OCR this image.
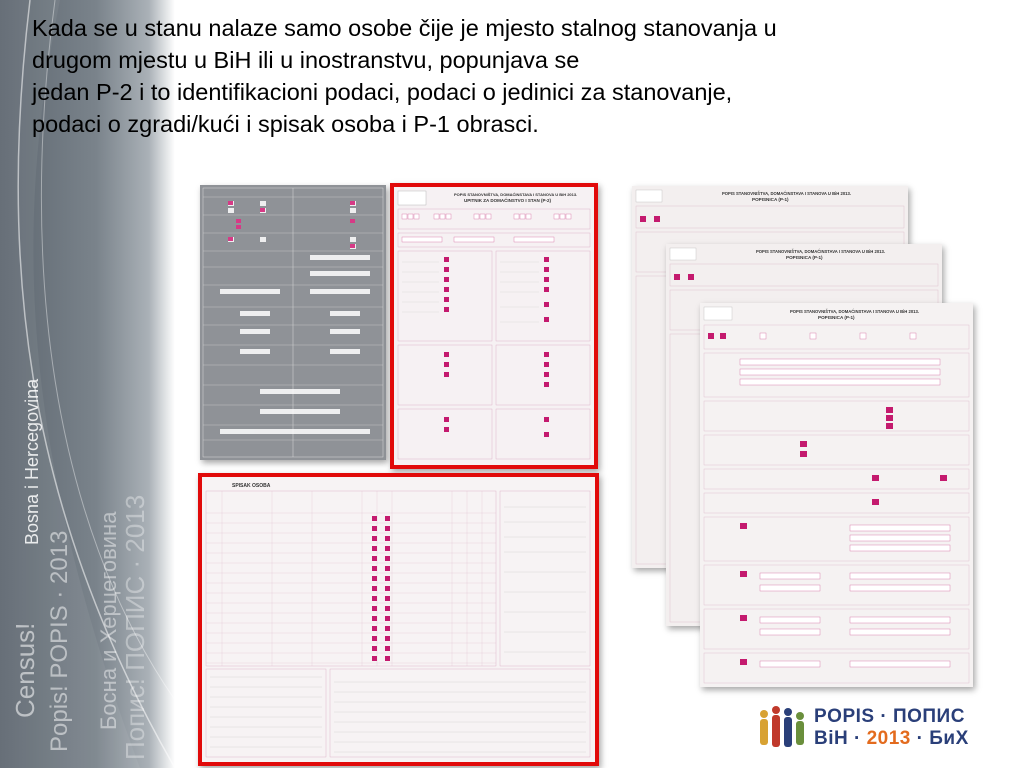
Census!
Bosna i Hercegovina
Popis! POPIS · 2013 Босна и Херцеговина Попис! ПОПИС · 2013
Kada se u stanu nalaze samo osobe čije je mjesto stalnog stanovanja u
drugom mjestu u BiH ili u inostranstvu, popunjava se
jedan P-2 i to identifikacioni podaci, podaci o jedinici za stanovanje,
podaci o zgradi/kući i spisak osoba i P-1 obrasci.
POPIS STANOVNIŠTVA, DOMAĆINSTAVA I STANOVA U BiH 2013.
UPITNIK ZA DOMAĆINSTVO I STAN (P-2)
SPISAK OSOBA
POPIS STANOVNIŠTVA, DOMAĆINSTAVA I STANOVA U BiH 2013.
POPISNICA (P-1)
POPIS STANOVNIŠTVA, DOMAĆINSTAVA I STANOVA U BiH 2013.
POPISNICA (P-1)
POPIS STANOVNIŠTVA, DOMAĆINSTAVA I STANOVA U BiH 2013.
POPISNICA (P-1)
POPIS · ПОПИС
BiH · 2013 · БиХ
